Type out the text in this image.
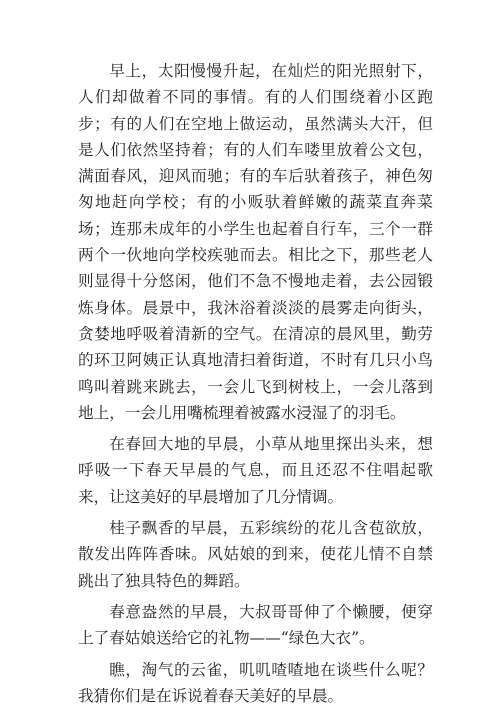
早上，太阳慢慢升起，在灿烂的阳光照射下，人们却做着不同的事情。有的人们围绕着小区跑步；有的人们在空地上做运动，虽然满头大汗，但是人们依然坚持着；有的人们车喽里放着公文包，满面春风，迎风而驰；有的车后驮着孩子，神色匆匆地赶向学校；有的小贩驮着鲜嫩的蔬菜直奔菜场；连那未成年的小学生也起着自行车，三个一群两个一伙地向学校疾驰而去。相比之下，那些老人则显得十分悠闲，他们不急不慢地走着，去公园锻炼身体。晨景中，我沐浴着淡淡的晨雾走向街头，贪婪地呼吸着清新的空气。在清凉的晨风里，勤劳的环卫阿姨正认真地清扫着街道，不时有几只小鸟鸣叫着跳来跳去，一会儿飞到树枝上，一会儿落到地上，一会儿用嘴梳理着被露水浸湿了的羽毛。

在春回大地的早晨，小草从地里探出头来，想呼吸一下春天早晨的气息，而且还忍不住唱起歌来，让这美好的早晨增加了几分情调。

桂子飘香的早晨，五彩缤纷的花儿含苞欲放，散发出阵阵香味。风姑娘的到来，使花儿情不自禁跳出了独具特色的舞蹈。

春意盎然的早晨，大叔哥哥伸了个懒腰，便穿上了春姑娘送给它的礼物——“绿色大衣”。

瞧，淘气的云雀，叽叽喳喳地在谈些什么呢？我猜你们是在诉说着春天美好的早晨。
